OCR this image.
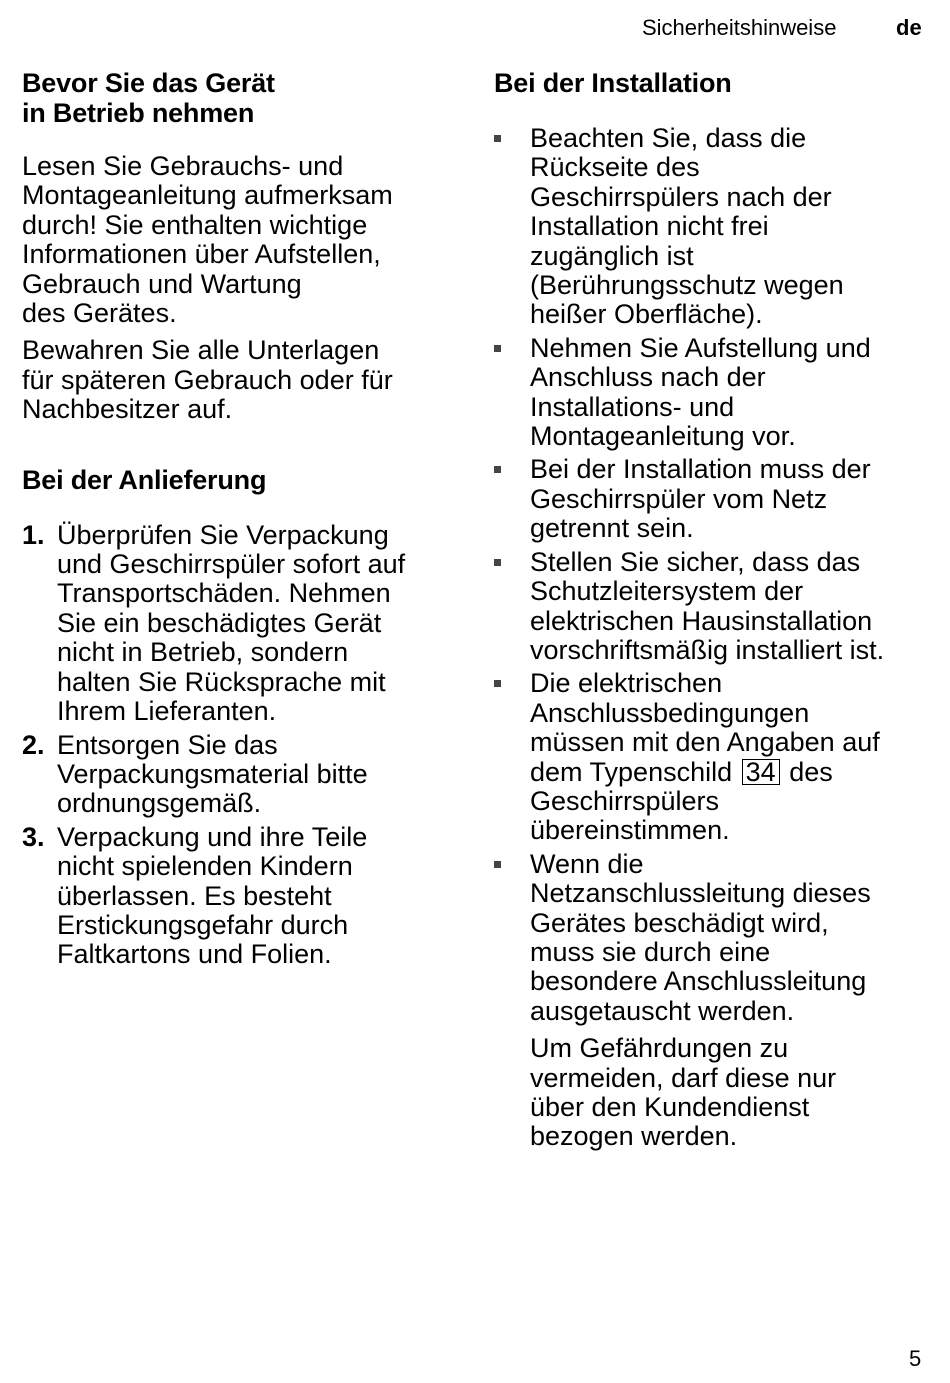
Sicherheitshinweise	de
Bevor Sie das Gerät
in Betrieb nehmen

Lesen Sie Gebrauchs- und
Montageanleitung aufmerksam
durch! Sie enthalten wichtige
Informationen über Aufstellen,
Gebrauch und Wartung
des Gerätes.

Bewahren Sie alle Unterlagen
für späteren Gebrauch oder für
Nachbesitzer auf.

Bei der Anlieferung
1. Überprüfen Sie Verpackung
und Geschirrspüler sofort auf
Transportschäden. Nehmen
Sie ein beschädigtes Gerät
nicht in Betrieb, sondern
halten Sie Rücksprache mit
Ihrem Lieferanten.

2. Entsorgen Sie das
Verpackungsmaterial bitte
ordnungsgemäß.

3. Verpackung und ihre Teile
nicht spielenden Kindern
überlassen. Es besteht
Erstickungsgefahr durch
Faltkartons und Folien.

Bei der Installation

Beachten Sie, dass die
Rückseite des
Geschirrspülers nach der
Installation nicht frei
zugänglich ist
(Berührungsschutz wegen
heißer Oberfläche).

Nehmen Sie Aufstellung und
Anschluss nach der
Installations- und
Montageanleitung vor.

Bei der Installation muss der
Geschirrspüler vom Netz
getrennt sein.

Stellen Sie sicher, dass das
Schutzleitersystem der
elektrischen Hausinstallation
vorschriftsmäßig installiert ist.

Die elektrischen
Anschlussbedingungen
müssen mit den Angaben auf
dem Typenschild 34 des
Geschirrspülers
übereinstimmen.

Wenn die
Netzanschlussleitung dieses
Gerätes beschädigt wird,
muss sie durch eine
besondere Anschlussleitung
ausgetauscht werden.

Um Gefährdungen zu
vermeiden, darf diese nur
über den Kundendienst
bezogen werden.

5
